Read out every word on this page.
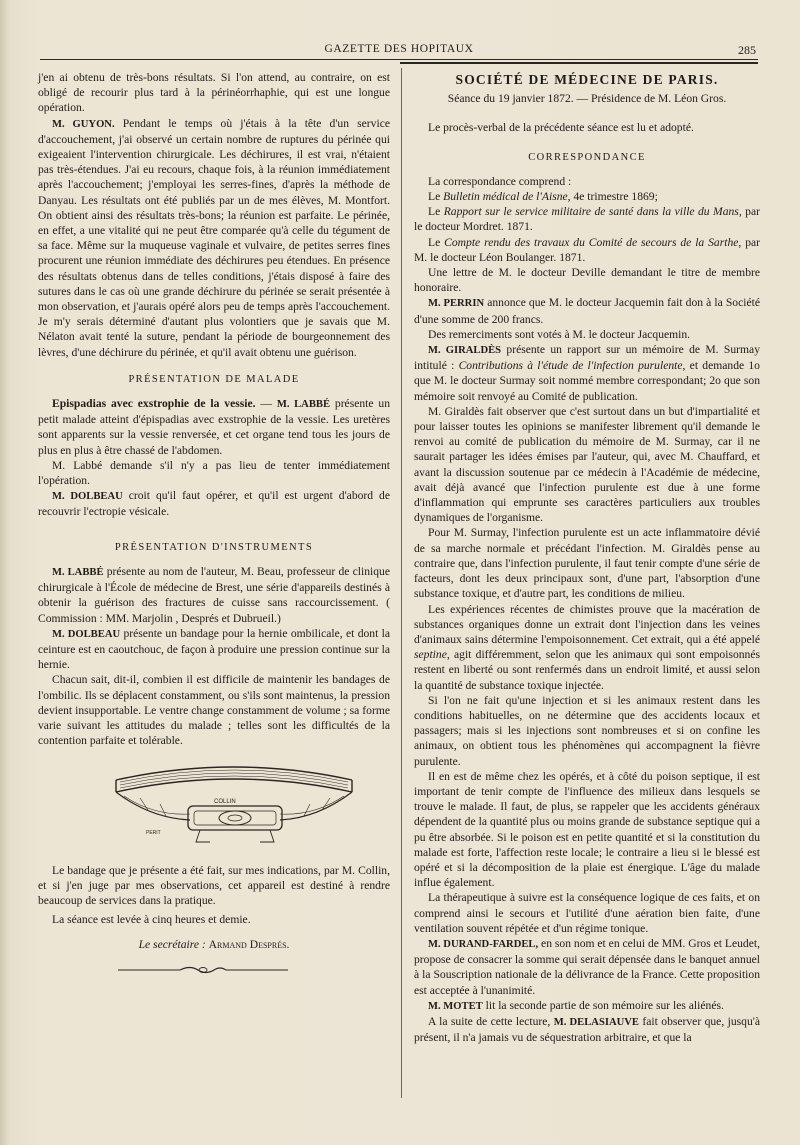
GAZETTE DES HOPITAUX	285

j'en ai obtenu de très-bons résultats. Si l'on attend, au contraire, on est obligé de recourir plus tard à la périnéorrhaphie, qui est une longue opération.

M. GUYON. Pendant le temps où j'étais à la tête d'un service d'accouchement, j'ai observé un certain nombre de ruptures du périnée qui exigeaient l'intervention chirurgicale. Les déchirures, il est vrai, n'étaient pas très-étendues. J'ai eu recours, chaque fois, à la réunion immédiatement après l'accouchement; j'employai les serres-fines, d'après la méthode de Danyau. Les résultats ont été publiés par un de mes élèves, M. Montfort. On obtient ainsi des résultats très-bons; la réunion est parfaite. Le périnée, en effet, a une vitalité qui ne peut être comparée qu'à celle du tégument de sa face. Même sur la muqueuse vaginale et vulvaire, de petites serres fines procurent une réunion immédiate des déchirures peu étendues. En présence des résultats obtenus dans de telles conditions, j'étais disposé à faire des sutures dans le cas où une grande déchirure du périnée se serait présentée à mon observation, et j'aurais opéré alors peu de temps après l'accouchement. Je m'y serais déterminé d'autant plus volontiers que je savais que M. Nélaton avait tenté la suture, pendant la période de bourgeonnement des lèvres, d'une déchirure du périnée, et qu'il avait obtenu une guérison.

PRÉSENTATION DE MALADE

Epispadias avec exstrophie de la vessie. — M. LABBÉ présente un petit malade atteint d'épispadias avec exstrophie de la vessie. Les uretères sont apparents sur la vessie renversée, et cet organe tend tous les jours de plus en plus à être chassé de l'abdomen.

M. Labbé demande s'il n'y a pas lieu de tenter immédiatement l'opération.

M. DOLBEAU croit qu'il faut opérer, et qu'il est urgent d'abord de recouvrir l'ectropie vésicale.

PRÉSENTATION D'INSTRUMENTS

M. LABBÉ présente au nom de l'auteur, M. Beau, professeur de clinique chirurgicale à l'École de médecine de Brest, une série d'appareils destinés à obtenir la guérison des fractures de cuisse sans raccourcissement. ( Commission : MM. Marjolin , Després et Dubrueil.)

M. DOLBEAU présente un bandage pour la hernie ombilicale, et dont la ceinture est en caoutchouc, de façon à produire une pression continue sur la hernie.

Chacun sait, dit-il, combien il est difficile de maintenir les bandages de l'ombilic. Ils se déplacent constamment, ou s'ils sont maintenus, la pression devient insupportable. Le ventre change constamment de volume ; sa forme varie suivant les attitudes du malade ; telles sont les difficultés de la contention parfaite et tolérable.

COLLIN
PERIT

Le bandage que je présente a été fait, sur mes indications, par M. Collin, et si j'en juge par mes observations, cet appareil est destiné à rendre beaucoup de services dans la pratique.

La séance est levée à cinq heures et demie.

Le secrétaire : Armand Després.
SOCIÉTÉ DE MÉDECINE DE PARIS.
Séance du 19 janvier 1872. — Présidence de M. Léon Gros.

Le procès-verbal de la précédente séance est lu et adopté.

CORRESPONDANCE

La correspondance comprend :

Le Bulletin médical de l'Aisne, 4e trimestre 1869;

Le Rapport sur le service militaire de santé dans la ville du Mans, par le docteur Mordret. 1871.

Le Compte rendu des travaux du Comité de secours de la Sarthe, par M. le docteur Léon Boulanger. 1871.

Une lettre de M. le docteur Deville demandant le titre de membre honoraire.

M. PERRIN annonce que M. le docteur Jacquemin fait don à la Société d'une somme de 200 francs.

Des remerciments sont votés à M. le docteur Jacquemin.

M. GIRALDÈS présente un rapport sur un mémoire de M. Surmay intitulé : Contributions à l'étude de l'infection purulente, et demande 1o que M. le docteur Surmay soit nommé membre correspondant; 2o que son mémoire soit renvoyé au Comité de publication.

M. Giraldès fait observer que c'est surtout dans un but d'impartialité et pour laisser toutes les opinions se manifester librement qu'il demande le renvoi au comité de publication du mémoire de M. Surmay, car il ne saurait partager les idées émises par l'auteur, qui, avec M. Chauffard, et avant la discussion soutenue par ce médecin à l'Académie de médecine, avait déjà avancé que l'infection purulente est due à une forme d'inflammation qui emprunte ses caractères particuliers aux troubles dynamiques de l'organisme.

Pour M. Surmay, l'infection purulente est un acte inflammatoire dévié de sa marche normale et précédant l'infection. M. Giraldès pense au contraire que, dans l'infection purulente, il faut tenir compte d'une série de facteurs, dont les deux principaux sont, d'une part, l'absorption d'une substance toxique, et d'autre part, les conditions de milieu.

Les expériences récentes de chimistes prouve que la macération de substances organiques donne un extrait dont l'injection dans les veines d'animaux sains détermine l'empoisonnement. Cet extrait, qui a été appelé septine, agit différemment, selon que les animaux qui sont empoisonnés restent en liberté ou sont renfermés dans un endroit limité, et aussi selon la quantité de substance toxique injectée.

Si l'on ne fait qu'une injection et si les animaux restent dans les conditions habituelles, on ne détermine que des accidents locaux et passagers; mais si les injections sont nombreuses et si on confine les animaux, on obtient tous les phénomènes qui accompagnent la fièvre purulente.

Il en est de même chez les opérés, et à côté du poison septique, il est important de tenir compte de l'influence des milieux dans lesquels se trouve le malade. Il faut, de plus, se rappeler que les accidents généraux dépendent de la quantité plus ou moins grande de substance septique qui a pu être absorbée. Si le poison est en petite quantité et si la constitution du malade est forte, l'affection reste locale; le contraire a lieu si le blessé est opéré et si la décomposition de la plaie est énergique. L'âge du malade influe également.

La thérapeutique à suivre est la conséquence logique de ces faits, et on comprend ainsi le secours et l'utilité d'une aération bien faite, d'une ventilation souvent répétée et d'un régime tonique.

M. DURAND-FARDEL, en son nom et en celui de MM. Gros et Leudet, propose de consacrer la somme qui serait dépensée dans le banquet annuel à la Souscription nationale de la délivrance de la France. Cette proposition est acceptée à l'unanimité.

M. MOTET lit la seconde partie de son mémoire sur les aliénés.

A la suite de cette lecture, M. DELASIAUVE fait observer que, jusqu'à présent, il n'a jamais vu de séquestration arbitraire, et que la
